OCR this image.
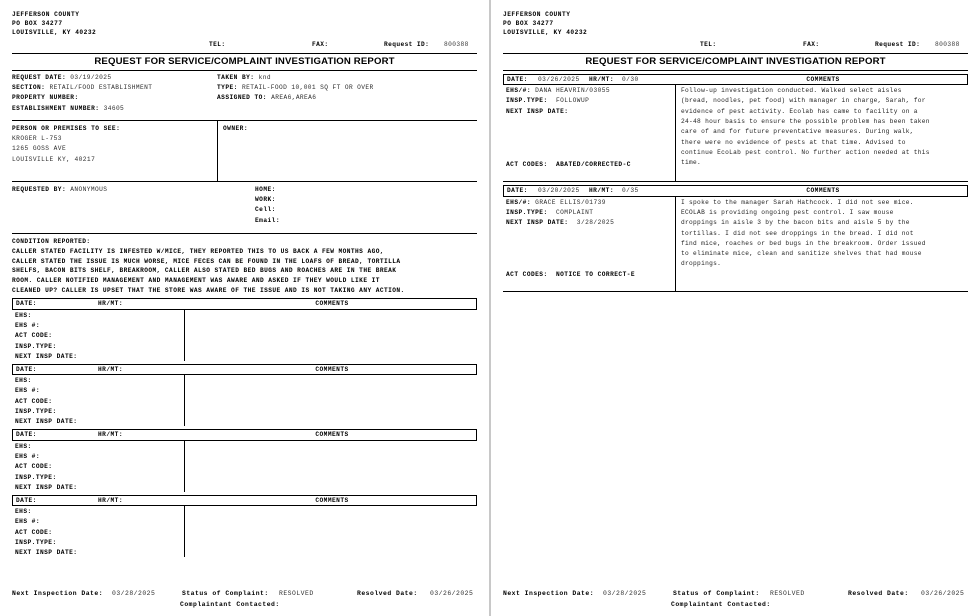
JEFFERSON COUNTY
PO BOX 34277
LOUISVILLE, KY 40232
TEL:	FAX:	Request ID: 800388
REQUEST FOR SERVICE/COMPLAINT INVESTIGATION REPORT
REQUEST DATE: 03/19/2025
SECTION: RETAIL/FOOD ESTABLISHMENT
PROPERTY NUMBER:
ESTABLISHMENT NUMBER: 34605
TAKEN BY: knd
TYPE: RETAIL-FOOD 10,001 SQ FT OR OVER
ASSIGNED TO: AREA6,AREA6
PERSON OR PREMISES TO SEE:
KROGER L-753
1265 GOSS AVE
LOUISVILLE KY, 40217
OWNER:
REQUESTED BY: ANONYMOUS	HOME:
WORK:
Cell:
Email:
CONDITION REPORTED:
CALLER STATED FACILITY IS INFESTED W/MICE, THEY REPORTED THIS TO US BACK A FEW MONTHS AGO,
CALLER STATED THE ISSUE IS MUCH WORSE, MICE FECES CAN BE FOUND IN THE LOAFS OF BREAD, TORTILLA
SHELFS, BACON BITS SHELF, BREAKROOM, CALLER ALSO STATED BED BUGS AND ROACHES ARE IN THE BREAK
ROOM. CALLER NOTIFIED MANAGEMENT AND MANAGEMENT WAS AWARE AND ASKED IF THEY WOULD LIKE IT
CLEANED UP? CALLER IS UPSET THAT THE STORE WAS AWARE OF THE ISSUE AND IS NOT TAKING ANY ACTION.
DATE:	HR/MT:	COMMENTS
EHS:
EHS #:
ACT CODE:
INSP.TYPE:
NEXT INSP DATE:
DATE:	HR/MT:	COMMENTS
EHS:
EHS #:
ACT CODE:
INSP.TYPE:
NEXT INSP DATE:
DATE:	HR/MT:	COMMENTS
EHS:
EHS #:
ACT CODE:
INSP.TYPE:
NEXT INSP DATE:
DATE:	HR/MT:	COMMENTS
EHS:
EHS #:
ACT CODE:
INSP.TYPE:
NEXT INSP DATE:
Next Inspection Date: 03/28/2025	Status of Complaint: RESOLVED	Resolved Date: 03/26/2025
Complaintant Contacted:
JEFFERSON COUNTY
PO BOX 34277
LOUISVILLE, KY 40232
TEL:	FAX:	Request ID: 800388
REQUEST FOR SERVICE/COMPLAINT INVESTIGATION REPORT
DATE: 03/26/2025 HR/MT: 0/30	COMMENTS
EHS/#: DANA HEAVRIN/03055
INSP.TYPE: FOLLOWUP
NEXT INSP DATE:
ACT CODES: ABATED/CORRECTED-C
Follow-up investigation conducted. Walked select aisles
(bread, noodles, pet food) with manager in charge, Sarah, for
evidence of pest activity. Ecolab has came to facility on a
24-48 hour basis to ensure the possible problem has been taken
care of and for future preventative measures. During walk,
there were no evidence of pests at that time. Advised to
continue EcoLab pest control. No further action needed at this
time.
DATE: 03/20/2025 HR/MT: 0/35	COMMENTS
EHS/#: GRACE ELLIS/01739
INSP.TYPE: COMPLAINT
NEXT INSP DATE: 3/28/2025
ACT CODES: NOTICE TO CORRECT-E
I spoke to the manager Sarah Hathcock. I did not see mice.
ECOLAB is providing ongoing pest control. I saw mouse
droppings in aisle 3 by the bacon bits and aisle 5 by the
tortillas. I did not see droppings in the bread. I did not
find mice, roaches or bed bugs in the breakroom. Order issued
to eliminate mice, clean and sanitize shelves that had mouse
droppings.
Next Inspection Date: 03/28/2025	Status of Complaint: RESOLVED	Resolved Date: 03/26/2025
Complaintant Contacted:
